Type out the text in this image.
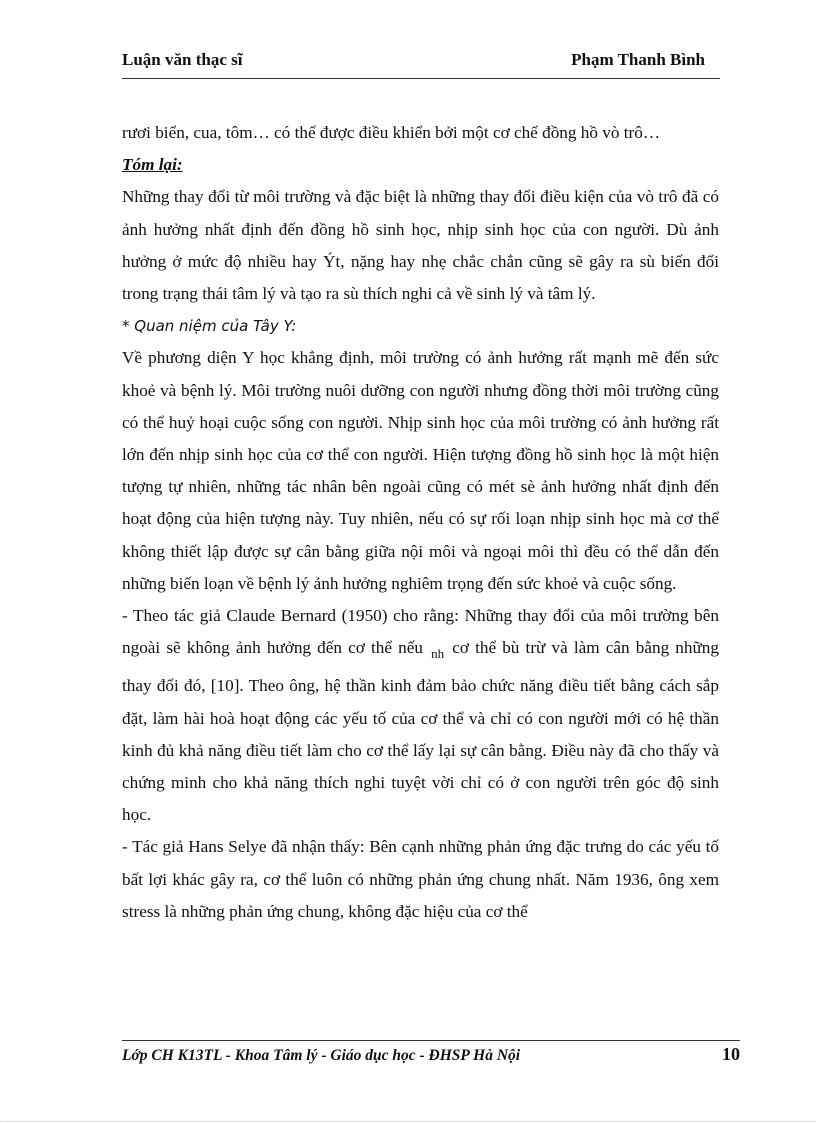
Luận văn thạc sĩ	Phạm Thanh Bình

rươi biển, cua, tôm… có thể được điều khiển bởi một cơ chế đồng hồ vò trô…

Tóm lại:

Những thay đổi từ môi trường và đặc biệt là những thay đổi điều kiện của vò trô đã có ảnh hưởng nhất định đến đồng hồ sinh học, nhịp sinh học của con người. Dù ảnh hưởng ở mức độ nhiều hay Ýt, nặng hay nhẹ chắc chắn cũng sẽ gây ra sù biến đổi trong trạng thái tâm lý và tạo ra sù thích nghi cả về sinh lý và tâm lý.

* Quan niệm của Tây Y:

Về phương diện Y học khẳng định, môi trường có ảnh hưởng rất mạnh mẽ đến sức khoẻ và bệnh lý. Môi trường nuôi dưỡng con người nhưng đồng thời môi trường cũng có thể huỷ hoại cuộc sống con người. Nhịp sinh học của môi trường có ảnh hưởng rất lớn đến nhịp sinh học của cơ thể con người. Hiện tượng đồng hồ sinh học là một hiện tượng tự nhiên, những tác nhân bên ngoài cũng có mét sè ảnh hưởng nhất định đến hoạt động của hiện tượng này. Tuy nhiên, nếu có sự rối loạn nhịp sinh học mà cơ thể không thiết lập được sự cân bằng giữa nội môi và ngoại môi thì đều có thể dẫn đến những biến loạn về bệnh lý ảnh hưởng nghiêm trọng đến sức khoẻ và cuộc sống.

- Theo tác giả Claude Bernard (1950) cho rằng: Những thay đổi của môi trường bên ngoài sẽ không ảnh hưởng đến cơ thể nếu $_{nh}$ cơ thể bù trừ và làm cân bằng những thay đổi đó, [10]. Theo ông, hệ thần kinh đảm bảo chức năng điều tiết bằng cách sắp đặt, làm hài hoà hoạt động các yếu tố của cơ thể và chỉ có con người mới có hệ thần kinh đủ khả năng điều tiết làm cho cơ thể lấy lại sự cân bằng. Điều này đã cho thấy và chứng minh cho khả năng thích nghi tuyệt vời chỉ có ở con người trên góc độ sinh học.

- Tác giả Hans Selye đã nhận thấy: Bên cạnh những phản ứng đặc trưng do các yếu tố bất lợi khác gây ra, cơ thể luôn có những phản ứng chung nhất. Năm 1936, ông xem stress là những phản ứng chung, không đặc hiệu của cơ thể

Lớp CH K13TL - Khoa Tâm lý - Giáo dục học - ĐHSP Hà Nội	10
